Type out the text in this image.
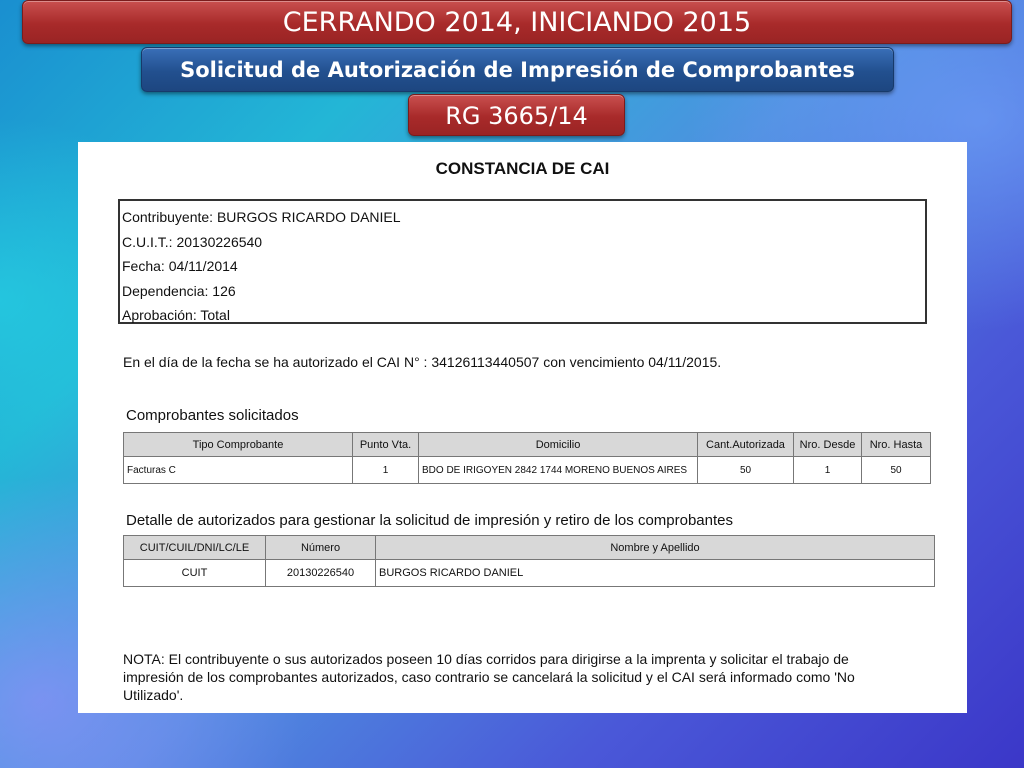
CERRANDO 2014, INICIANDO 2015
Solicitud de Autorización de Impresión de Comprobantes
RG 3665/14
CONSTANCIA DE CAI
Contribuyente: BURGOS RICARDO DANIEL
C.U.I.T.: 20130226540
Fecha: 04/11/2014
Dependencia: 126
Aprobación: Total
En el día de la fecha se ha autorizado el CAI N° : 34126113440507 con vencimiento 04/11/2015.
Comprobantes solicitados
Tipo Comprobante	Punto Vta.	Domicilio	Cant.Autorizada	Nro. Desde	Nro. Hasta
Facturas C	1	BDO DE IRIGOYEN 2842 1744 MORENO BUENOS AIRES	50	1	50
Detalle de autorizados para gestionar la solicitud de impresión y retiro de los comprobantes
CUIT/CUIL/DNI/LC/LE	Número	Nombre y Apellido
CUIT	20130226540	BURGOS RICARDO DANIEL
NOTA: El contribuyente o sus autorizados poseen 10 días corridos para dirigirse a la imprenta y solicitar el trabajo de impresión de los comprobantes autorizados, caso contrario se cancelará la solicitud y el CAI será informado como 'No Utilizado'.
